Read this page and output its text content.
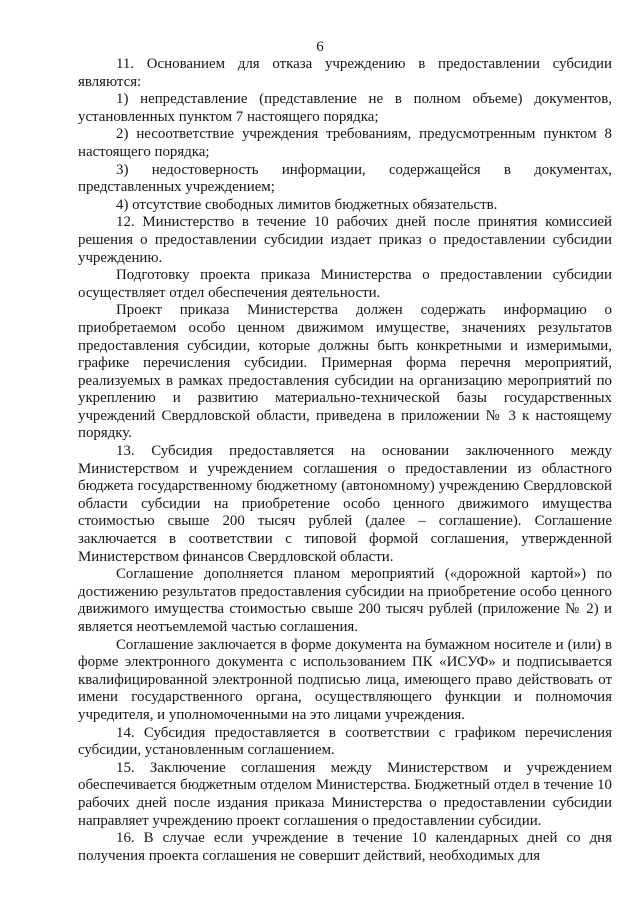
6

11. Основанием для отказа учреждению в предоставлении субсидии являются:

1) непредставление (представление не в полном объеме) документов, установленных пунктом 7 настоящего порядка;

2) несоответствие учреждения требованиям, предусмотренным пунктом 8 настоящего порядка;

3) недостоверность информации, содержащейся в документах, представленных учреждением;

4) отсутствие свободных лимитов бюджетных обязательств.

12. Министерство в течение 10 рабочих дней после принятия комиссией решения о предоставлении субсидии издает приказ о предоставлении субсидии учреждению.

Подготовку проекта приказа Министерства о предоставлении субсидии осуществляет отдел обеспечения деятельности.

Проект приказа Министерства должен содержать информацию о приобретаемом особо ценном движимом имуществе, значениях результатов предоставления субсидии, которые должны быть конкретными и измеримыми, графике перечисления субсидии. Примерная форма перечня мероприятий, реализуемых в рамках предоставления субсидии на организацию мероприятий по укреплению и развитию материально-технической базы государственных учреждений Свердловской области, приведена в приложении № 3 к настоящему порядку.

13. Субсидия предоставляется на основании заключенного между Министерством и учреждением соглашения о предоставлении из областного бюджета государственному бюджетному (автономному) учреждению Свердловской области субсидии на приобретение особо ценного движимого имущества стоимостью свыше 200 тысяч рублей (далее – соглашение). Соглашение заключается в соответствии с типовой формой соглашения, утвержденной Министерством финансов Свердловской области.

Соглашение дополняется планом мероприятий («дорожной картой») по достижению результатов предоставления субсидии на приобретение особо ценного движимого имущества стоимостью свыше 200 тысяч рублей (приложение № 2) и является неотъемлемой частью соглашения.

Соглашение заключается в форме документа на бумажном носителе и (или) в форме электронного документа с использованием ПК «ИСУФ» и подписывается квалифицированной электронной подписью лица, имеющего право действовать от имени государственного органа, осуществляющего функции и полномочия учредителя, и уполномоченными на это лицами учреждения.

14. Субсидия предоставляется в соответствии с графиком перечисления субсидии, установленным соглашением.

15. Заключение соглашения между Министерством и учреждением обеспечивается бюджетным отделом Министерства. Бюджетный отдел в течение 10 рабочих дней после издания приказа Министерства о предоставлении субсидии направляет учреждению проект соглашения о предоставлении субсидии.

16. В случае если учреждение в течение 10 календарных дней со дня получения проекта соглашения не совершит действий, необходимых для
